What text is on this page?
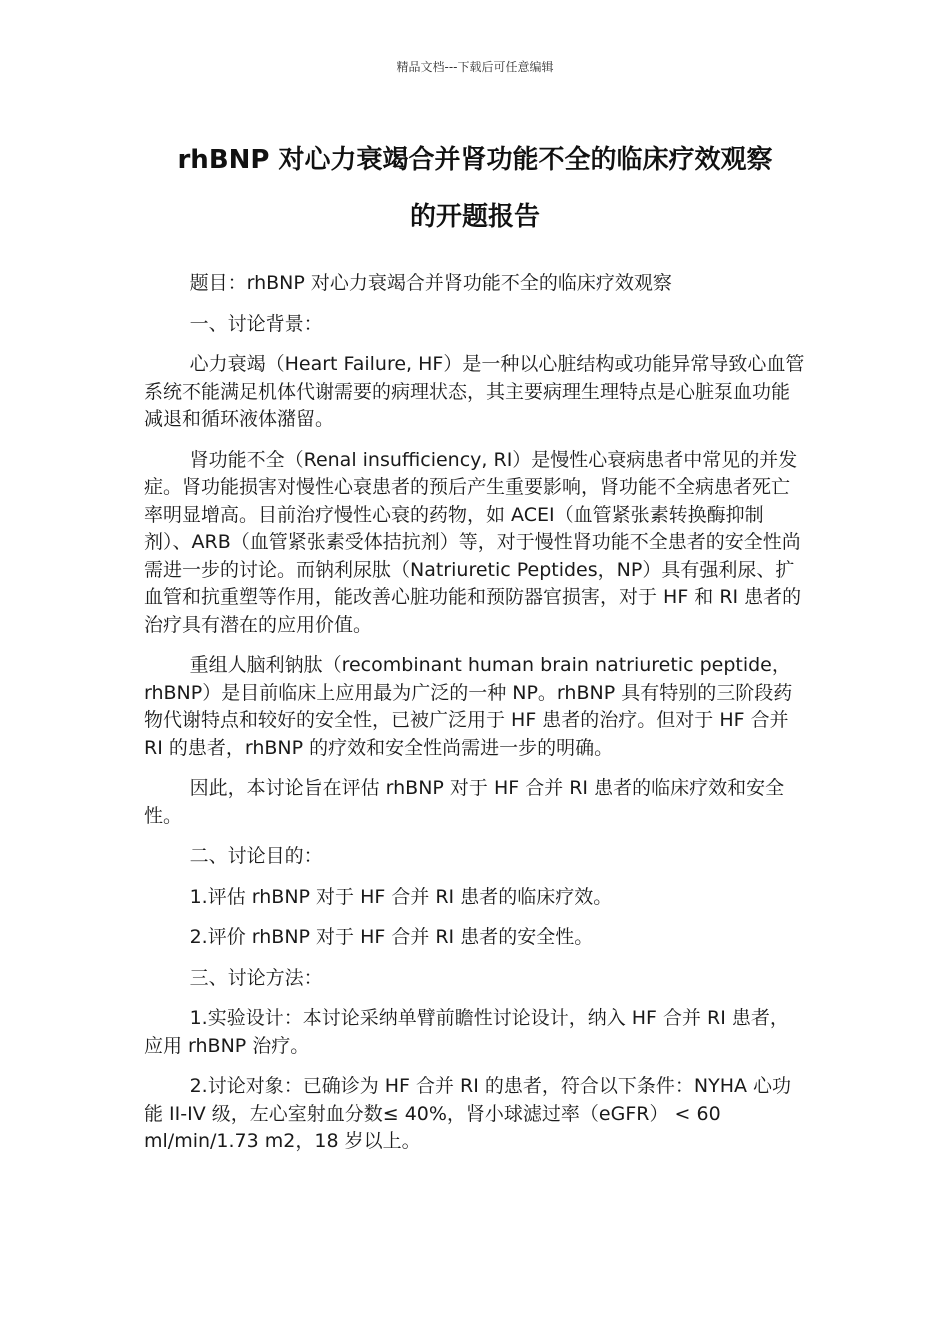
精品文档---下载后可任意编辑
rhBNP 对心力衰竭合并肾功能不全的临床疗效观察
的开题报告

题目：rhBNP 对心力衰竭合并肾功能不全的临床疗效观察

一、讨论背景：

心力衰竭（Heart Failure, HF）是一种以心脏结构或功能异常导致心血管系统不能满足机体代谢需要的病理状态，其主要病理生理特点是心脏泵血功能减退和循环液体潴留。

肾功能不全（Renal insufficiency, RI）是慢性心衰病患者中常见的并发症。肾功能损害对慢性心衰患者的预后产生重要影响，肾功能不全病患者死亡率明显增高。目前治疗慢性心衰的药物，如 ACEI（血管紧张素转换酶抑制剂）、ARB（血管紧张素受体拮抗剂）等，对于慢性肾功能不全患者的安全性尚需进一步的讨论。而钠利尿肽（Natriuretic Peptides，NP）具有强利尿、扩血管和抗重塑等作用，能改善心脏功能和预防器官损害，对于 HF 和 RI 患者的治疗具有潜在的应用价值。

重组人脑利钠肽（recombinant human brain natriuretic peptide，rhBNP）是目前临床上应用最为广泛的一种 NP。rhBNP 具有特别的三阶段药物代谢特点和较好的安全性，已被广泛用于 HF 患者的治疗。但对于 HF 合并 RI 的患者，rhBNP 的疗效和安全性尚需进一步的明确。

因此，本讨论旨在评估 rhBNP 对于 HF 合并 RI 患者的临床疗效和安全性。

二、讨论目的：

1.评估 rhBNP 对于 HF 合并 RI 患者的临床疗效。

2.评价 rhBNP 对于 HF 合并 RI 患者的安全性。

三、讨论方法：

1.实验设计：本讨论采纳单臂前瞻性讨论设计，纳入 HF 合并 RI 患者，应用 rhBNP 治疗。

2.讨论对象：已确诊为 HF 合并 RI 的患者，符合以下条件：NYHA 心功能 II-IV 级，左心室射血分数≤ 40%，肾小球滤过率（eGFR） < 60 ml/min/1.73 m2，18 岁以上。
